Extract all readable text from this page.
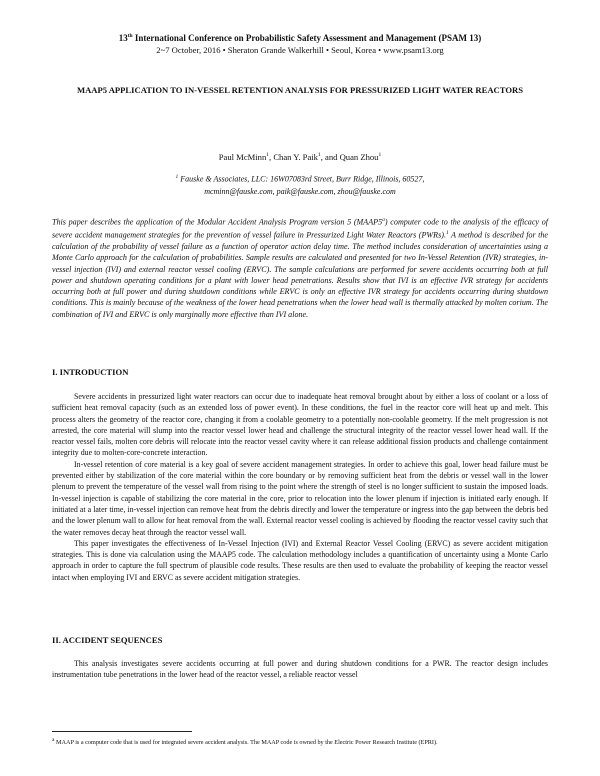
13th International Conference on Probabilistic Safety Assessment and Management (PSAM 13)
2~7 October, 2016 • Sheraton Grande Walkerhill • Seoul, Korea • www.psam13.org
MAAP5 APPLICATION TO IN-VESSEL RETENTION ANALYSIS FOR PRESSURIZED LIGHT WATER REACTORS
Paul McMinn$^1$, Chan Y. Paik$^1$, and Quan Zhou$^1$
$^1$ Fauske & Associates, LLC: 16W07083rd Street, Burr Ridge, Illinois, 60527,
mcminn@fauske.com, paik@fauske.com, zhou@fauske.com

This paper describes the application of the Modular Accident Analysis Program version 5 (MAAP5$^a$) computer code to the analysis of the efficacy of severe accident management strategies for the prevention of vessel failure in Pressurized Light Water Reactors (PWRs).$^1$ A method is described for the calculation of the probability of vessel failure as a function of operator action delay time. The method includes consideration of uncertainties using a Monte Carlo approach for the calculation of probabilities. Sample results are calculated and presented for two In-Vessel Retention (IVR) strategies, in-vessel injection (IVI) and external reactor vessel cooling (ERVC). The sample calculations are performed for severe accidents occurring both at full power and shutdown operating conditions for a plant with lower head penetrations. Results show that IVI is an effective IVR strategy for accidents occurring both at full power and during shutdown conditions while ERVC is only an effective IVR strategy for accidents occurring during shutdown conditions. This is mainly because of the weakness of the lower head penetrations when the lower head wall is thermally attacked by molten corium. The combination of IVI and ERVC is only marginally more effective than IVI alone.

I. INTRODUCTION

Severe accidents in pressurized light water reactors can occur due to inadequate heat removal brought about by either a loss of coolant or a loss of sufficient heat removal capacity (such as an extended loss of power event). In these conditions, the fuel in the reactor core will heat up and melt. This process alters the geometry of the reactor core, changing it from a coolable geometry to a potentially non-coolable geometry. If the melt progression is not arrested, the core material will slump into the reactor vessel lower head and challenge the structural integrity of the reactor vessel lower head wall. If the reactor vessel fails, molten core debris will relocate into the reactor vessel cavity where it can release additional fission products and challenge containment integrity due to molten-core-concrete interaction.

In-vessel retention of core material is a key goal of severe accident management strategies. In order to achieve this goal, lower head failure must be prevented either by stabilization of the core material within the core boundary or by removing sufficient heat from the debris or vessel wall in the lower plenum to prevent the temperature of the vessel wall from rising to the point where the strength of steel is no longer sufficient to sustain the imposed loads. In-vessel injection is capable of stabilizing the core material in the core, prior to relocation into the lower plenum if injection is initiated early enough. If initiated at a later time, in-vessel injection can remove heat from the debris directly and lower the temperature or ingress into the gap between the debris bed and the lower plenum wall to allow for heat removal from the wall. External reactor vessel cooling is achieved by flooding the reactor vessel cavity such that the water removes decay heat through the reactor vessel wall.

This paper investigates the effectiveness of In-Vessel Injection (IVI) and External Reactor Vessel Cooling (ERVC) as severe accident mitigation strategies. This is done via calculation using the MAAP5 code. The calculation methodology includes a quantification of uncertainty using a Monte Carlo approach in order to capture the full spectrum of plausible code results. These results are then used to evaluate the probability of keeping the reactor vessel intact when employing IVI and ERVC as severe accident mitigation strategies.

II. ACCIDENT SEQUENCES

This analysis investigates severe accidents occurring at full power and during shutdown conditions for a PWR. The reactor design includes instrumentation tube penetrations in the lower head of the reactor vessel, a reliable reactor vessel

$^a$ MAAP is a computer code that is used for integrated severe accident analysis. The MAAP code is owned by the Electric Power Research Institute (EPRI).
